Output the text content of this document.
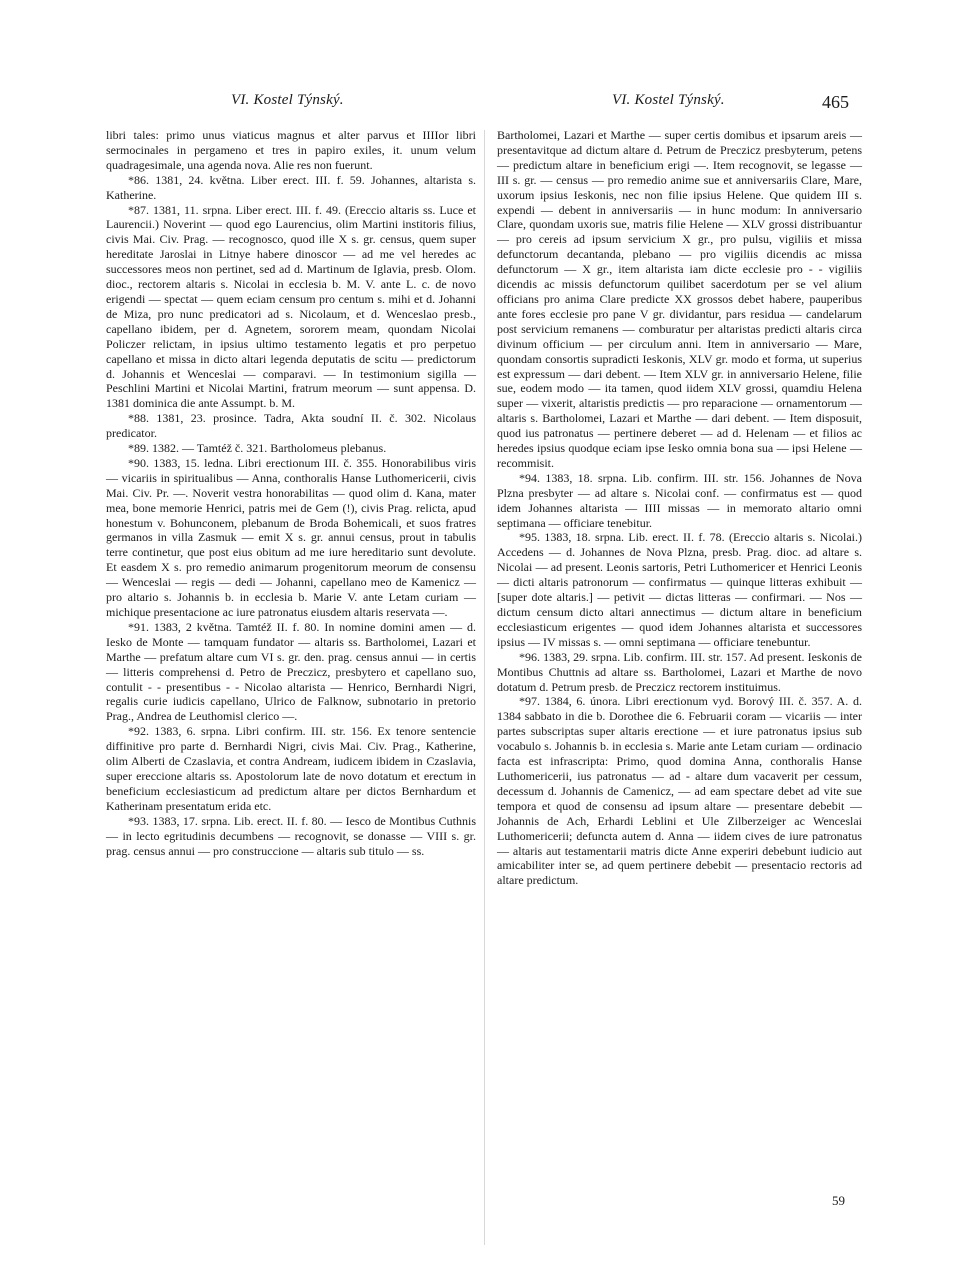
VI. Kostel Týnský.	VI. Kostel Týnský.	465

libri tales: primo unus viaticus magnus et alter parvus et IIIIor libri sermocinales in pergameno et tres in papiro exiles, it. unum velum quadragesimale, una agenda nova. Alie res non fuerunt.

*86. 1381, 24. května. Liber erect. III. f. 59. Johannes, altarista s. Katherine.

*87. 1381, 11. srpna. Liber erect. III. f. 49. (Ereccio altaris ss. Luce et Laurencii.) Noverint — quod ego Laurencius, olim Martini institoris filius, civis Mai. Civ. Prag. — recognosco, quod ille X s. gr. census, quem super hereditate Jaroslai in Litnye habere dinoscor — ad me vel heredes ac successores meos non pertinet, sed ad d. Martinum de Iglavia, presb. Olom. dioc., rectorem altaris s. Nicolai in ecclesia b. M. V. ante L. c. de novo erigendi — spectat — quem eciam censum pro centum s. mihi et d. Johanni de Miza, pro nunc predicatori ad s. Nicolaum, et d. Wenceslao presb., capellano ibidem, per d. Agnetem, sororem meam, quondam Nicolai Policzer relictam, in ipsius ultimo testamento legatis et pro perpetuo capellano et missa in dicto altari legenda deputatis de scitu — predictorum d. Johannis et Wenceslai — comparavi. — In testimonium sigilla — Peschlini Martini et Nicolai Martini, fratrum meorum — sunt appensa. D. 1381 dominica die ante Assumpt. b. M.

*88. 1381, 23. prosince. Tadra, Akta soudní II. č. 302. Nicolaus predicator.

*89. 1382. — Tamtéž č. 321. Bartholomeus plebanus.

*90. 1383, 15. ledna. Libri erectionum III. č. 355. Honorabilibus viris — vicariis in spiritualibus — Anna, conthoralis Hanse Luthomericerii, civis Mai. Civ. Pr. —. Noverit vestra honorabilitas — quod olim d. Kana, mater mea, bone memorie Henrici, patris mei de Gem (!), civis Prag. relicta, apud honestum v. Bohunconem, plebanum de Broda Bohemicali, et suos fratres germanos in villa Zasmuk — emit X s. gr. annui census, prout in tabulis terre continetur, que post eius obitum ad me iure hereditario sunt devolute. Et easdem X s. pro remedio animarum progenitorum meorum de consensu — Wenceslai — regis — dedi — Johanni, capellano meo de Kamenicz — pro altario s. Johannis b. in ecclesia b. Marie V. ante Letam curiam — michique presentacione ac iure patronatus eiusdem altaris reservata —.

*91. 1383, 2 května. Tamtéž II. f. 80. In nomine domini amen — d. Iesko de Monte — tamquam fundator — altaris ss. Bartholomei, Lazari et Marthe — prefatum altare cum VI s. gr. den. prag. census annui — in certis — litteris comprehensi d. Petro de Preczicz, presbytero et capellano suo, contulit - - presentibus - - Nicolao altarista — Henrico, Bernhardi Nigri, regalis curie iudicis capellano, Ulrico de Falknow, subnotario in pretorio Prag., Andrea de Leuthomisl clerico —.

*92. 1383, 6. srpna. Libri confirm. III. str. 156. Ex tenore sentencie diffinitive pro parte d. Bernhardi Nigri, civis Mai. Civ. Prag., Katherine, olim Alberti de Czaslavia, et contra Andream, iudicem ibidem in Czaslavia, super ereccione altaris ss. Apostolorum late de novo dotatum et erectum in beneficium ecclesiasticum ad predictum altare per dictos Bernhardum et Katherinam presentatum erida etc.

*93. 1383, 17. srpna. Lib. erect. II. f. 80. — Iesco de Montibus Cuthnis — in lecto egritudinis decumbens — recognovit, se donasse — VIII s. gr. prag. census annui — pro construccione — altaris sub titulo — ss.

Bartholomei, Lazari et Marthe — super certis domibus et ipsarum areis — presentavitque ad dictum altare d. Petrum de Preczicz presbyterum, petens — predictum altare in beneficium erigi —. Item recognovit, se legasse — III s. gr. — census — pro remedio anime sue et anniversariis Clare, Mare, uxorum ipsius Ieskonis, nec non filie ipsius Helene. Que quidem III s. expendi — debent in anniversariis — in hunc modum: In anniversario Clare, quondam uxoris sue, matris filie Helene — XLV grossi distribuantur — pro cereis ad ipsum servicium X gr., pro pulsu, vigiliis et missa defunctorum decantanda, plebano — pro vigiliis dicendis ac missa defunctorum — X gr., item altarista iam dicte ecclesie pro - - vigiliis dicendis ac missis defunctorum quilibet sacerdotum per se vel alium officians pro anima Clare predicte XX grossos debet habere, pauperibus ante fores ecclesie pro pane V gr. dividantur, pars residua — candelarum post servicium remanens — comburatur per altaristas predicti altaris circa divinum officium — per circulum anni. Item in anniversario — Mare, quondam consortis supradicti Ieskonis, XLV gr. modo et forma, ut superius est expressum — dari debent. — Item XLV gr. in anniversario Helene, filie sue, eodem modo — ita tamen, quod iidem XLV grossi, quamdiu Helena super — vixerit, altaristis predictis — pro reparacione — ornamentorum — altaris s. Bartholomei, Lazari et Marthe — dari debent. — Item disposuit, quod ius patronatus — pertinere deberet — ad d. Helenam — et filios ac heredes ipsius quodque eciam ipse Iesko omnia bona sua — ipsi Helene — recommisit.

*94. 1383, 18. srpna. Lib. confirm. III. str. 156. Johannes de Nova Plzna presbyter — ad altare s. Nicolai conf. — confirmatus est — quod idem Johannes altarista — IIII missas — in memorato altario omni septimana — officiare tenebitur.

*95. 1383, 18. srpna. Lib. erect. II. f. 78. (Ereccio altaris s. Nicolai.) Accedens — d. Johannes de Nova Plzna, presb. Prag. dioc. ad altare s. Nicolai — ad present. Leonis sartoris, Petri Luthomericer et Henrici Leonis — dicti altaris patronorum — confirmatus — quinque litteras exhibuit — [super dote altaris.] — petivit — dictas litteras — confirmari. — Nos — dictum censum dicto altari annectimus — dictum altare in beneficium ecclesiasticum erigentes — quod idem Johannes altarista et successores ipsius — IV missas s. — omni septimana — officiare tenebuntur.

*96. 1383, 29. srpna. Lib. confirm. III. str. 157. Ad present. Ieskonis de Montibus Chuttnis ad altare ss. Bartholomei, Lazari et Marthe de novo dotatum d. Petrum presb. de Preczicz rectorem instituimus.

*97. 1384, 6. února. Libri erectionum vyd. Borový III. č. 357. A. d. 1384 sabbato in die b. Dorothee die 6. Februarii coram — vicariis — inter partes subscriptas super altaris erectione — et iure patronatus ipsius sub vocabulo s. Johannis b. in ecclesia s. Marie ante Letam curiam — ordinacio facta est infrascripta: Primo, quod domina Anna, conthoralis Hanse Luthomericerii, ius patronatus — ad - altare dum vacaverit per cessum, decessum d. Johannis de Camenicz, — ad eam spectare debet ad vite sue tempora et quod de consensu ad ipsum altare — presentare debebit — Johannis de Ach, Erhardi Leblini et Ule Zilberzeiger ac Wenceslai Luthomericerii; defuncta autem d. Anna — iidem cives de iure patronatus — altaris aut testamentarii matris dicte Anne experiri debebunt iudicio aut amicabiliter inter se, ad quem pertinere debebit — presentacio rectoris ad altare predictum.

59
